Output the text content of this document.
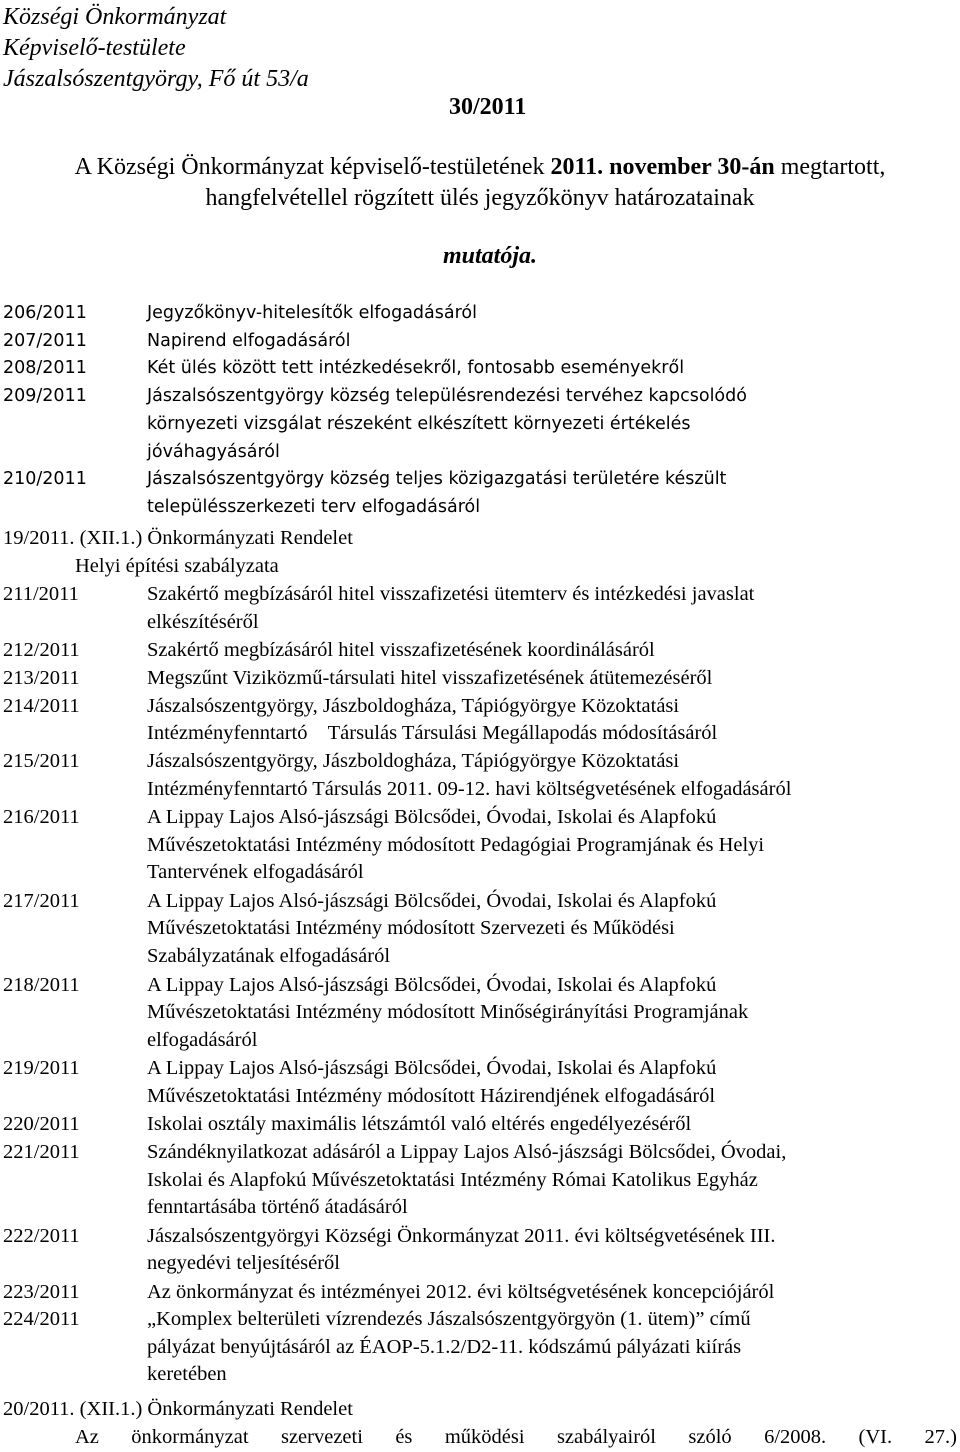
Községi Önkormányzat
Képviselő-testülete
Jászalsószentgyörgy, Fő út 53/a
30/2011
A Községi Önkormányzat képviselő-testületének 2011. november 30-án megtartott,
hangfelvétellel rögzített ülés jegyzőkönyv határozatainak
mutatója.
206/2011	Jegyzőkönyv-hitelesítők elfogadásáról
207/2011	Napirend elfogadásáról
208/2011	Két ülés között tett intézkedésekről, fontosabb eseményekről
209/2011	Jászalsószentgyörgy község településrendezési tervéhez kapcsolódó
környezeti vizsgálat részeként elkészített környezeti értékelés
jóváhagyásáról
210/2011	Jászalsószentgyörgy község teljes közigazgatási területére készült
településszerkezeti terv elfogadásáról
19/2011. (XII.1.) Önkormányzati Rendelet
Helyi építési szabályzata
211/2011	Szakértő megbízásáról hitel visszafizetési ütemterv és intézkedési javaslat
elkészítéséről
212/2011	Szakértő megbízásáról hitel visszafizetésének koordinálásáról
213/2011	Megszűnt Viziközmű-társulati hitel visszafizetésének átütemezéséről
214/2011	Jászalsószentgyörgy, Jászboldogháza, Tápiógyörgye Közoktatási
Intézményfenntartó    Társulás Társulási Megállapodás módosításáról
215/2011	Jászalsószentgyörgy, Jászboldogháza, Tápiógyörgye Közoktatási
Intézményfenntartó Társulás 2011. 09-12. havi költségvetésének elfogadásáról
216/2011	A Lippay Lajos Alsó-jászsági Bölcsődei, Óvodai, Iskolai és Alapfokú
Művészetoktatási Intézmény módosított Pedagógiai Programjának és Helyi
Tantervének elfogadásáról
217/2011	A Lippay Lajos Alsó-jászsági Bölcsődei, Óvodai, Iskolai és Alapfokú
Művészetoktatási Intézmény módosított Szervezeti és Működési
Szabályzatának elfogadásáról
218/2011	A Lippay Lajos Alsó-jászsági Bölcsődei, Óvodai, Iskolai és Alapfokú
Művészetoktatási Intézmény módosított Minőségirányítási Programjának
elfogadásáról
219/2011	A Lippay Lajos Alsó-jászsági Bölcsődei, Óvodai, Iskolai és Alapfokú
Művészetoktatási Intézmény módosított Házirendjének elfogadásáról
220/2011	Iskolai osztály maximális létszámtól való eltérés engedélyezéséről
221/2011	Szándéknyilatkozat adásáról a Lippay Lajos Alsó-jászsági Bölcsődei, Óvodai,
Iskolai és Alapfokú Művészetoktatási Intézmény Római Katolikus Egyház
fenntartásába történő átadásáról
222/2011	Jászalsószentgyörgyi Községi Önkormányzat 2011. évi költségvetésének III.
negyedévi teljesítéséről
223/2011	Az önkormányzat és intézményei 2012. évi költségvetésének koncepciójáról
224/2011	„Komplex belterületi vízrendezés Jászalsószentgyörgyön (1. ütem)” című
pályázat benyújtásáról az ÉAOP-5.1.2/D2-11. kódszámú pályázati kiírás
keretében
20/2011. (XII.1.) Önkormányzati Rendelet
Az önkormányzat szervezeti és működési szabályairól szóló 6/2008. (VI. 27.)
